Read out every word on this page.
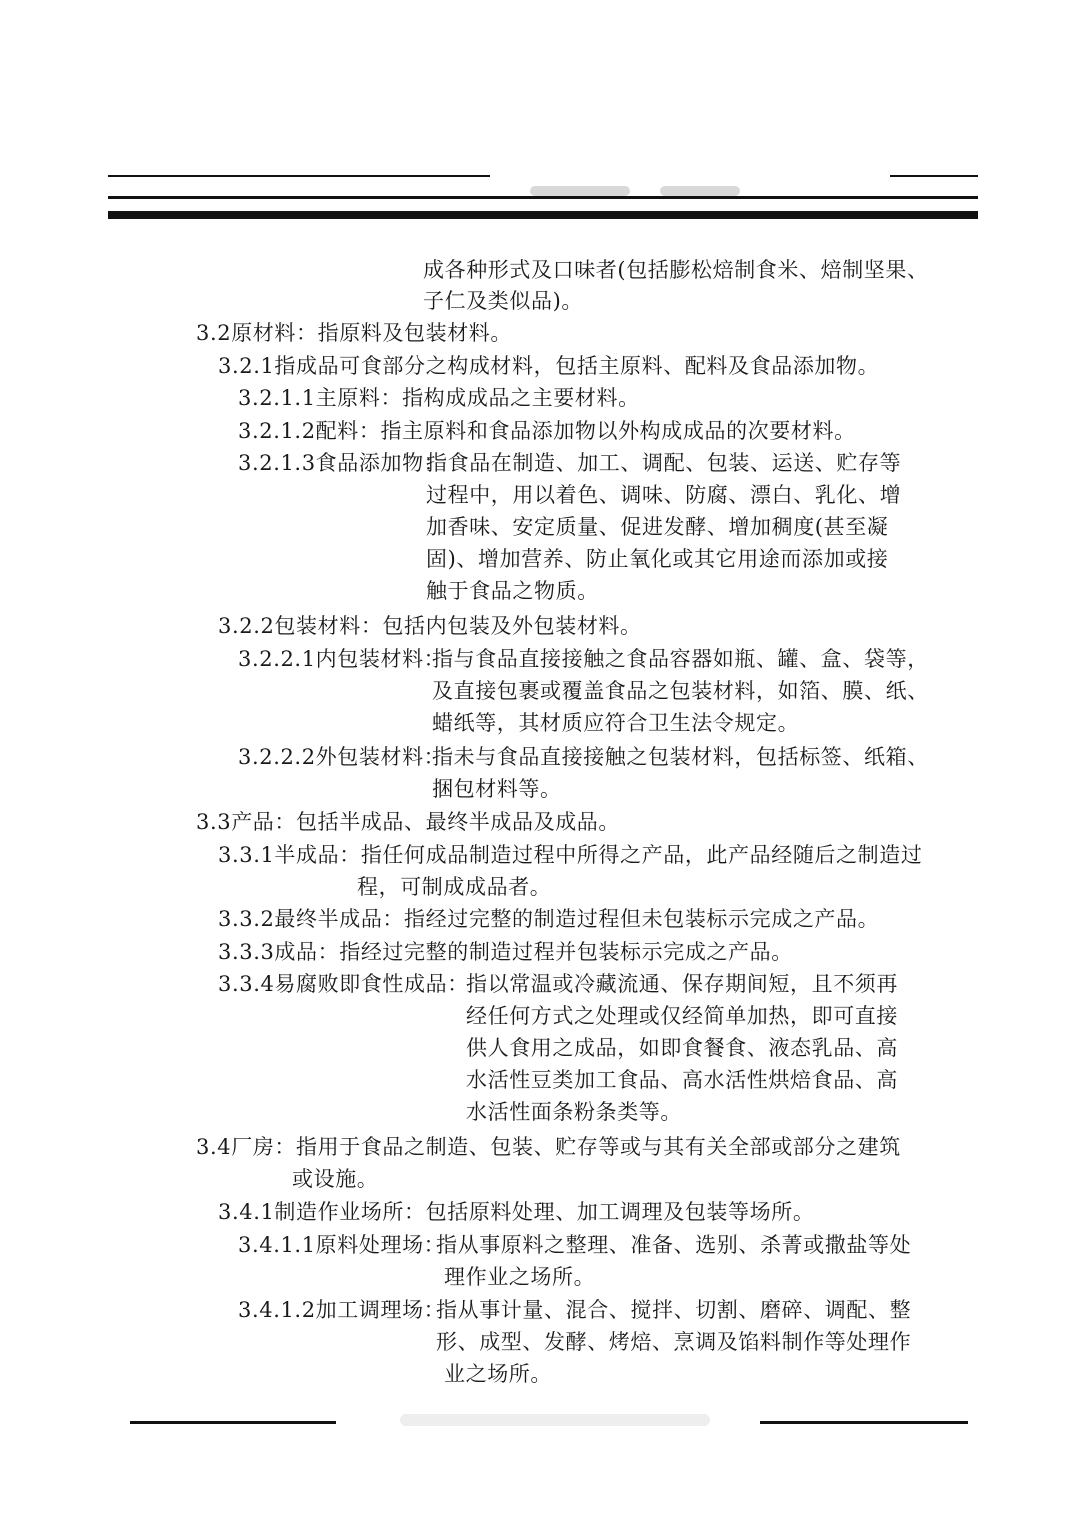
成各种形式及口味者(包括膨松焙制食米、焙制坚果、
子仁及类似品)。
3.2原材料：指原料及包装材料。
3.2.1指成品可食部分之构成材料，包括主原料、配料及食品添加物。
3.2.1.1主原料：指构成成品之主要材料。
3.2.1.2配料：指主原料和食品添加物以外构成成品的次要材料。
3.2.1.3食品添加物：
指食品在制造、加工、调配、包装、运送、贮存等
过程中，用以着色、调味、防腐、漂白、乳化、增
加香味、安定质量、促进发酵、增加稠度(甚至凝
固)、增加营养、防止氧化或其它用途而添加或接
触于食品之物质。
3.2.2包装材料：包括内包装及外包装材料。
3.2.2.1内包装材料：
指与食品直接接触之食品容器如瓶、罐、盒、袋等，
及直接包裹或覆盖食品之包装材料，如箔、膜、纸、
蜡纸等，其材质应符合卫生法令规定。
3.2.2.2外包装材料：
指未与食品直接接触之包装材料，包括标签、纸箱、
捆包材料等。
3.3产品：包括半成品、最终半成品及成品。
3.3.1半成品：指任何成品制造过程中所得之产品，此产品经随后之制造过
程，可制成成品者。
3.3.2最终半成品：指经过完整的制造过程但未包装标示完成之产品。
3.3.3成品：指经过完整的制造过程并包装标示完成之产品。
3.3.4易腐败即食性成品：
指以常温或冷藏流通、保存期间短，且不须再
经任何方式之处理或仅经简单加热，即可直接
供人食用之成品，如即食餐食、液态乳品、高
水活性豆类加工食品、高水活性烘焙食品、高
水活性面条粉条类等。
3.4厂房：指用于食品之制造、包装、贮存等或与其有关全部或部分之建筑
或设施。
3.4.1制造作业场所：包括原料处理、加工调理及包装等场所。
3.4.1.1原料处理场：
指从事原料之整理、准备、选别、杀菁或撒盐等处
理作业之场所。
3.4.1.2加工调理场：
指从事计量、混合、搅拌、切割、磨碎、调配、整
形、成型、发酵、烤焙、烹调及馅料制作等处理作
业之场所。
